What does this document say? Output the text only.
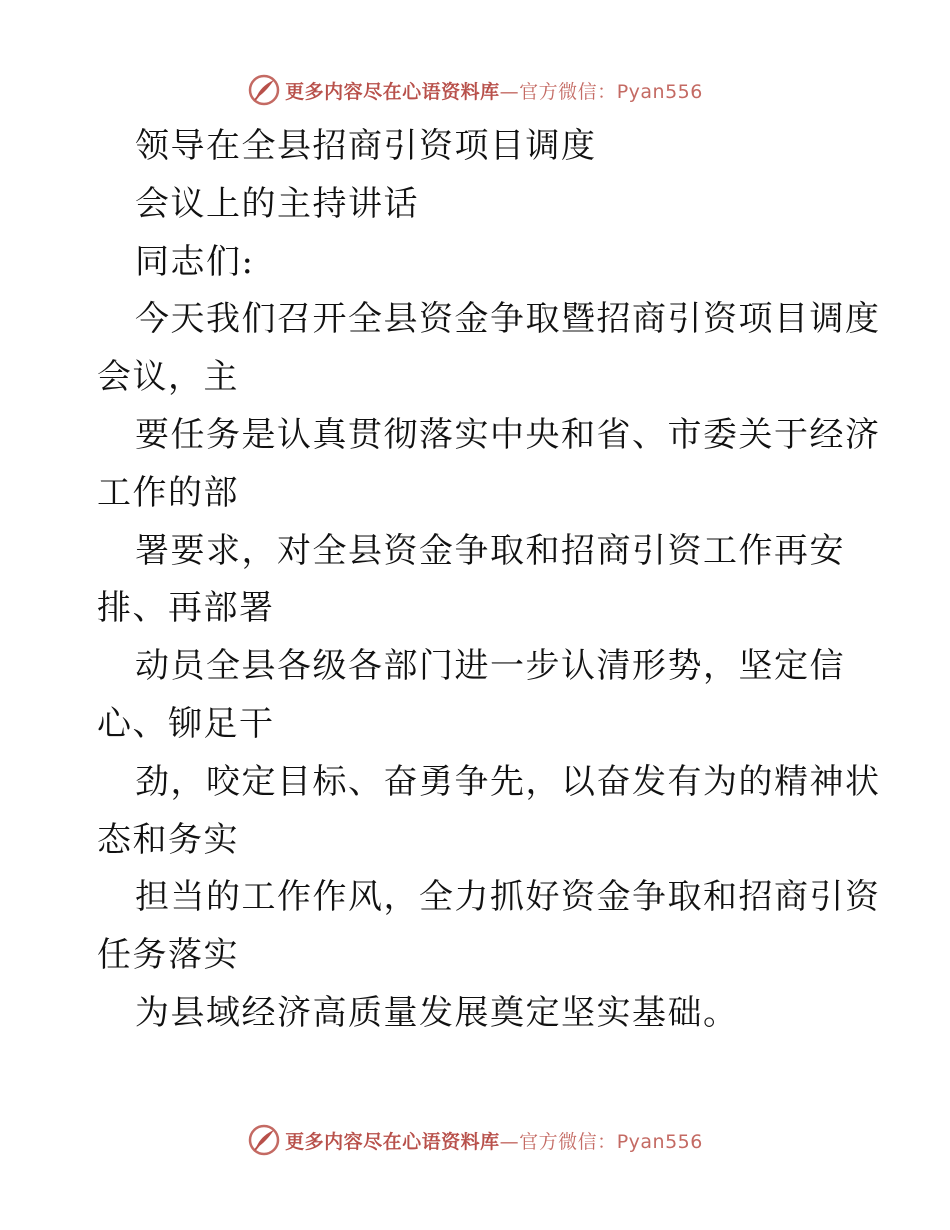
更多内容尽在心语资料库—官方微信：Pyan556
领导在全县招商引资项目调度
会议上的主持讲话
同志们:
今天我们召开全县资金争取暨招商引资项目调度
会议，主
要任务是认真贯彻落实中央和省、市委关于经济
工作的部
署要求，对全县资金争取和招商引资工作再安
排、再部署
动员全县各级各部门进一步认清形势，坚定信
心、铆足干
劲，咬定目标、奋勇争先，以奋发有为的精神状
态和务实
担当的工作作风，全力抓好资金争取和招商引资
任务落实
为县域经济高质量发展奠定坚实基础。
更多内容尽在心语资料库—官方微信：Pyan556
